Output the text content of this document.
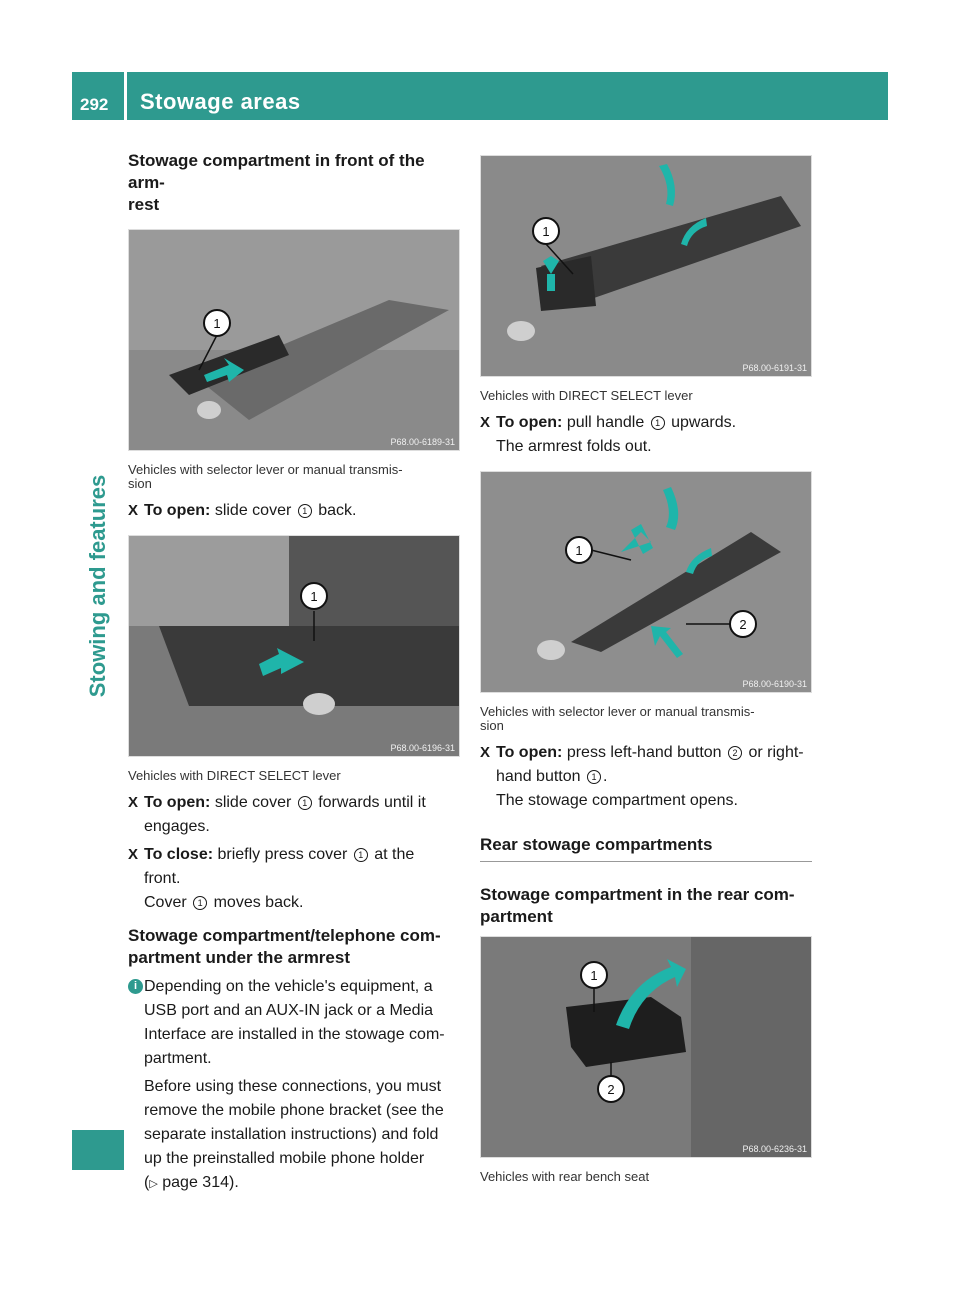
292 Stowage areas
Stowing and features
Stowage compartment in front of the arm-
rest
1
P68.00-6189-31
Vehicles with selector lever or manual transmis-
sion
X To open: slide cover 1 back.
1
P68.00-6196-31
Vehicles with DIRECT SELECT lever
X To open: slide cover 1 forwards until it
engages.
X To close: briefly press cover 1 at the
front.
Cover 1 moves back.
Stowage compartment/telephone com-
partment under the armrest
i Depending on the vehicle's equipment, a
USB port and an AUX-IN jack or a Media
Interface are installed in the stowage com-
partment.
Before using these connections, you must
remove the mobile phone bracket (see the
separate installation instructions) and fold
up the preinstalled mobile phone holder
(▷ page 314).
1
P68.00-6191-31
Vehicles with DIRECT SELECT lever
X To open: pull handle 1 upwards.
The armrest folds out.
1
2
P68.00-6190-31
Vehicles with selector lever or manual transmis-
sion
X To open: press left-hand button 2 or right-
hand button 1 .
The stowage compartment opens.
Rear stowage compartments
Stowage compartment in the rear com-
partment
1
2
P68.00-6236-31
Vehicles with rear bench seat
